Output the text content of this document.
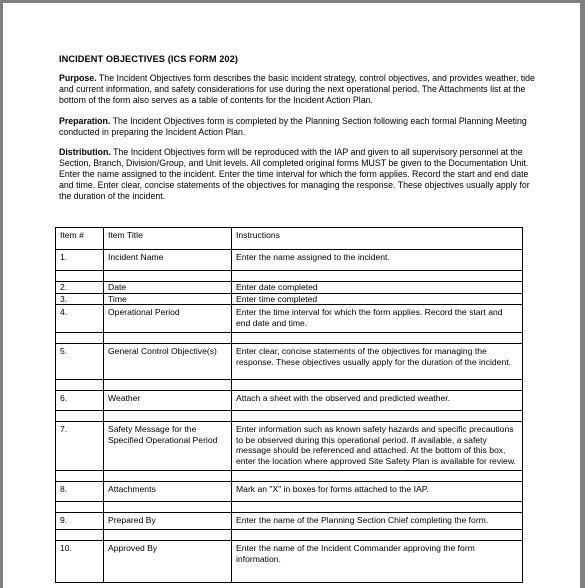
INCIDENT OBJECTIVES (ICS FORM 202)

Purpose. The Incident Objectives form describes the basic incident strategy, control objectives, and provides weather, tide and current information, and safety considerations for use during the next operational period. The Attachments list at the bottom of the form also serves as a table of contents for the Incident Action Plan.

Preparation. The Incident Objectives form is completed by the Planning Section following each formal Planning Meeting conducted in preparing the Incident Action Plan.

Distribution. The Incident Objectives form will be reproduced with the IAP and given to all supervisory personnel at the Section, Branch, Division/Group, and Unit levels. All completed original forms MUST be given to the Documentation Unit. Enter the name assigned to the incident. Enter the time interval for which the form applies. Record the start and end date and time. Enter clear, concise statements of the objectives for managing the response. These objectives usually apply for the duration of the incident.

Item #	Item Title	Instructions
1.	Incident Name	Enter the name assigned to the incident.

2.	Date	Enter date completed
3.	Time	Enter time completed
4.	Operational Period	Enter the time interval for which the form applies. Record the start and end date and time.

5.	General Control Objective(s)	Enter clear, concise statements of the objectives for managing the response. These objectives usually apply for the duration of the incident.

6.	Weather	Attach a sheet with the observed and predicted weather.

7.	Safety Message for the Specified Operational Period	Enter information such as known safety hazards and specific precautions to be observed during this operational period. If available, a safety message should be referenced and attached. At the bottom of this box, enter the location where approved Site Safety Plan is available for review.

8.	Attachments	Mark an "X" in boxes for forms attached to the IAP.

9.	Prepared By	Enter the name of the Planning Section Chief completing the form.

10.	Approved By	Enter the name of the Incident Commander approving the form information.
